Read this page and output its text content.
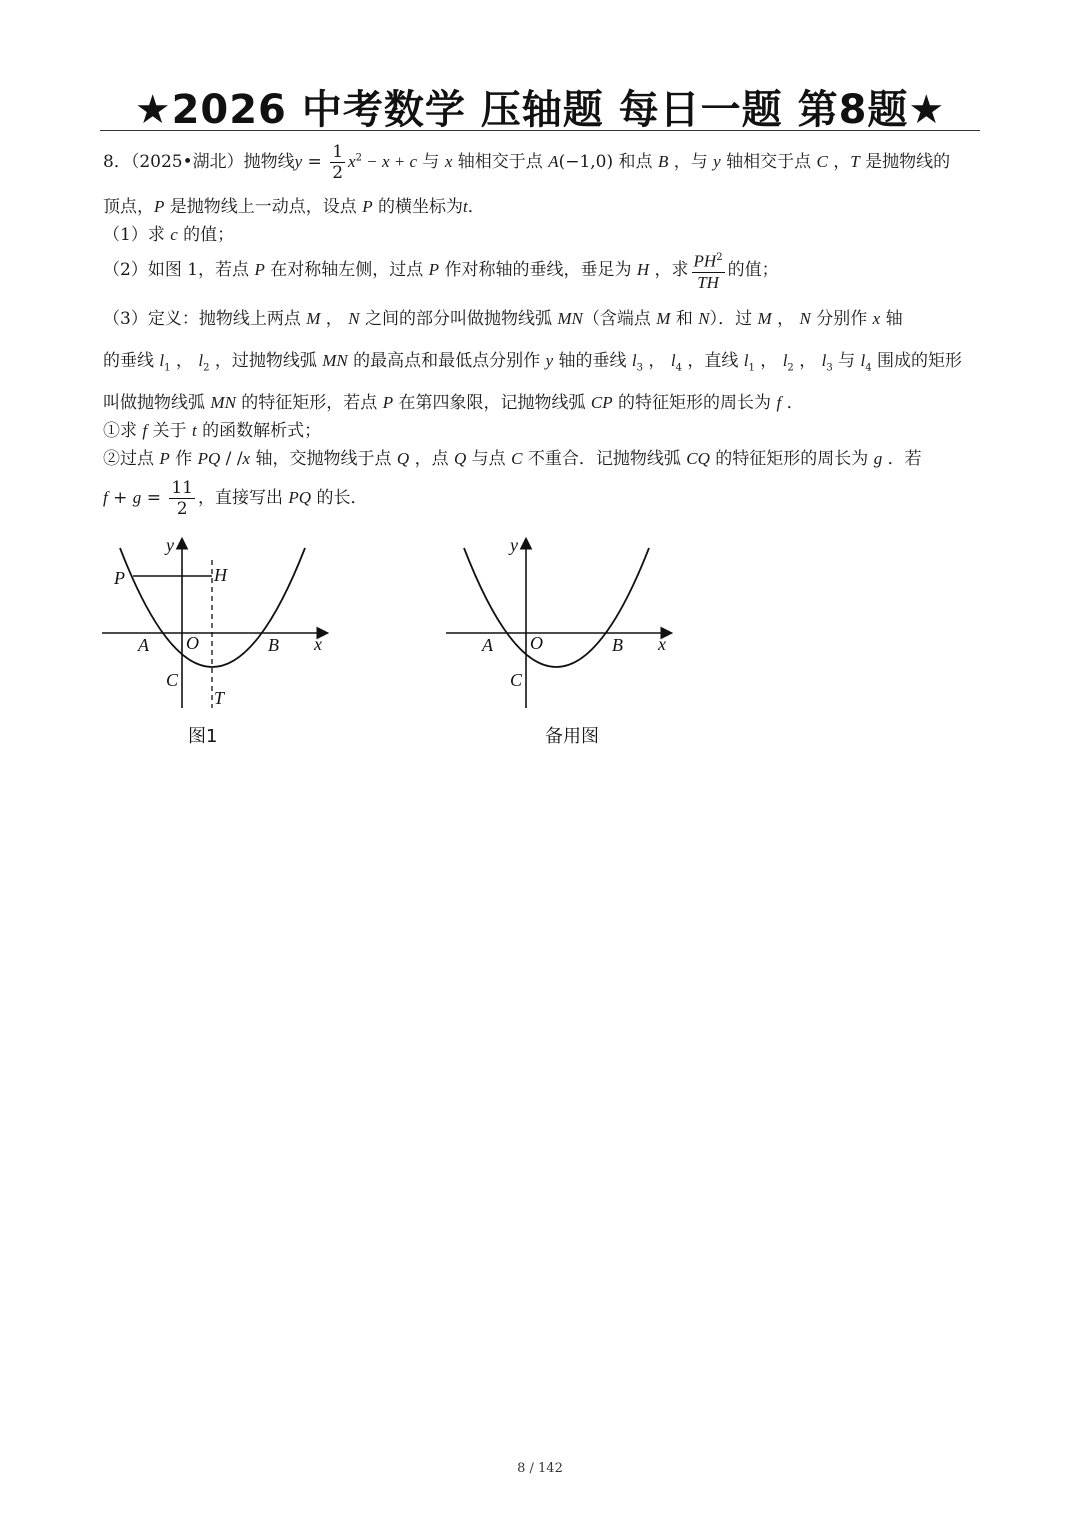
★2026 中考数学 压轴题 每日一题 第8题★
8．（2025•湖北）抛物线$y = \frac{1}{2} x^2 - x + c$ 与 x 轴相交于点 A(−1,0) 和点 B ，与 y 轴相交于点 C ，T 是抛物线的
顶点，P 是抛物线上一动点，设点 P 的横坐标为t．
（1）求 c 的值；
（2）如图 1，若点 P 在对称轴左侧，过点 P 作对称轴的垂线，垂足为 H ，求 $\frac{PH^2}{TH}$ 的值；
（3）定义：抛物线上两点 M ， N 之间的部分叫做抛物线弧 MN（含端点 M 和 N）．过 M ， N 分别作 x 轴
的垂线 $l_1$ ， $l_2$ ，过抛物线弧 MN 的最高点和最低点分别作 y 轴的垂线 $l_3$ ， $l_4$ ，直线 $l_1$ ， $l_2$ ， $l_3$ 与 $l_4$ 围成的矩形
叫做抛物线弧 MN 的特征矩形，若点 P 在第四象限，记抛物线弧 CP 的特征矩形的周长为 f ．
①求 f 关于 t 的函数解析式；
②过点 P 作 PQ / /x 轴，交抛物线于点 Q ，点 Q 与点 C 不重合．记抛物线弧 CQ 的特征矩形的周长为 g ．若
$f + g = \frac{11}{2}$ ，直接写出 PQ 的长．
P	H
y
x
A O	B
C
T
图1
y
x
A O	B
C
备用图
8 / 142
